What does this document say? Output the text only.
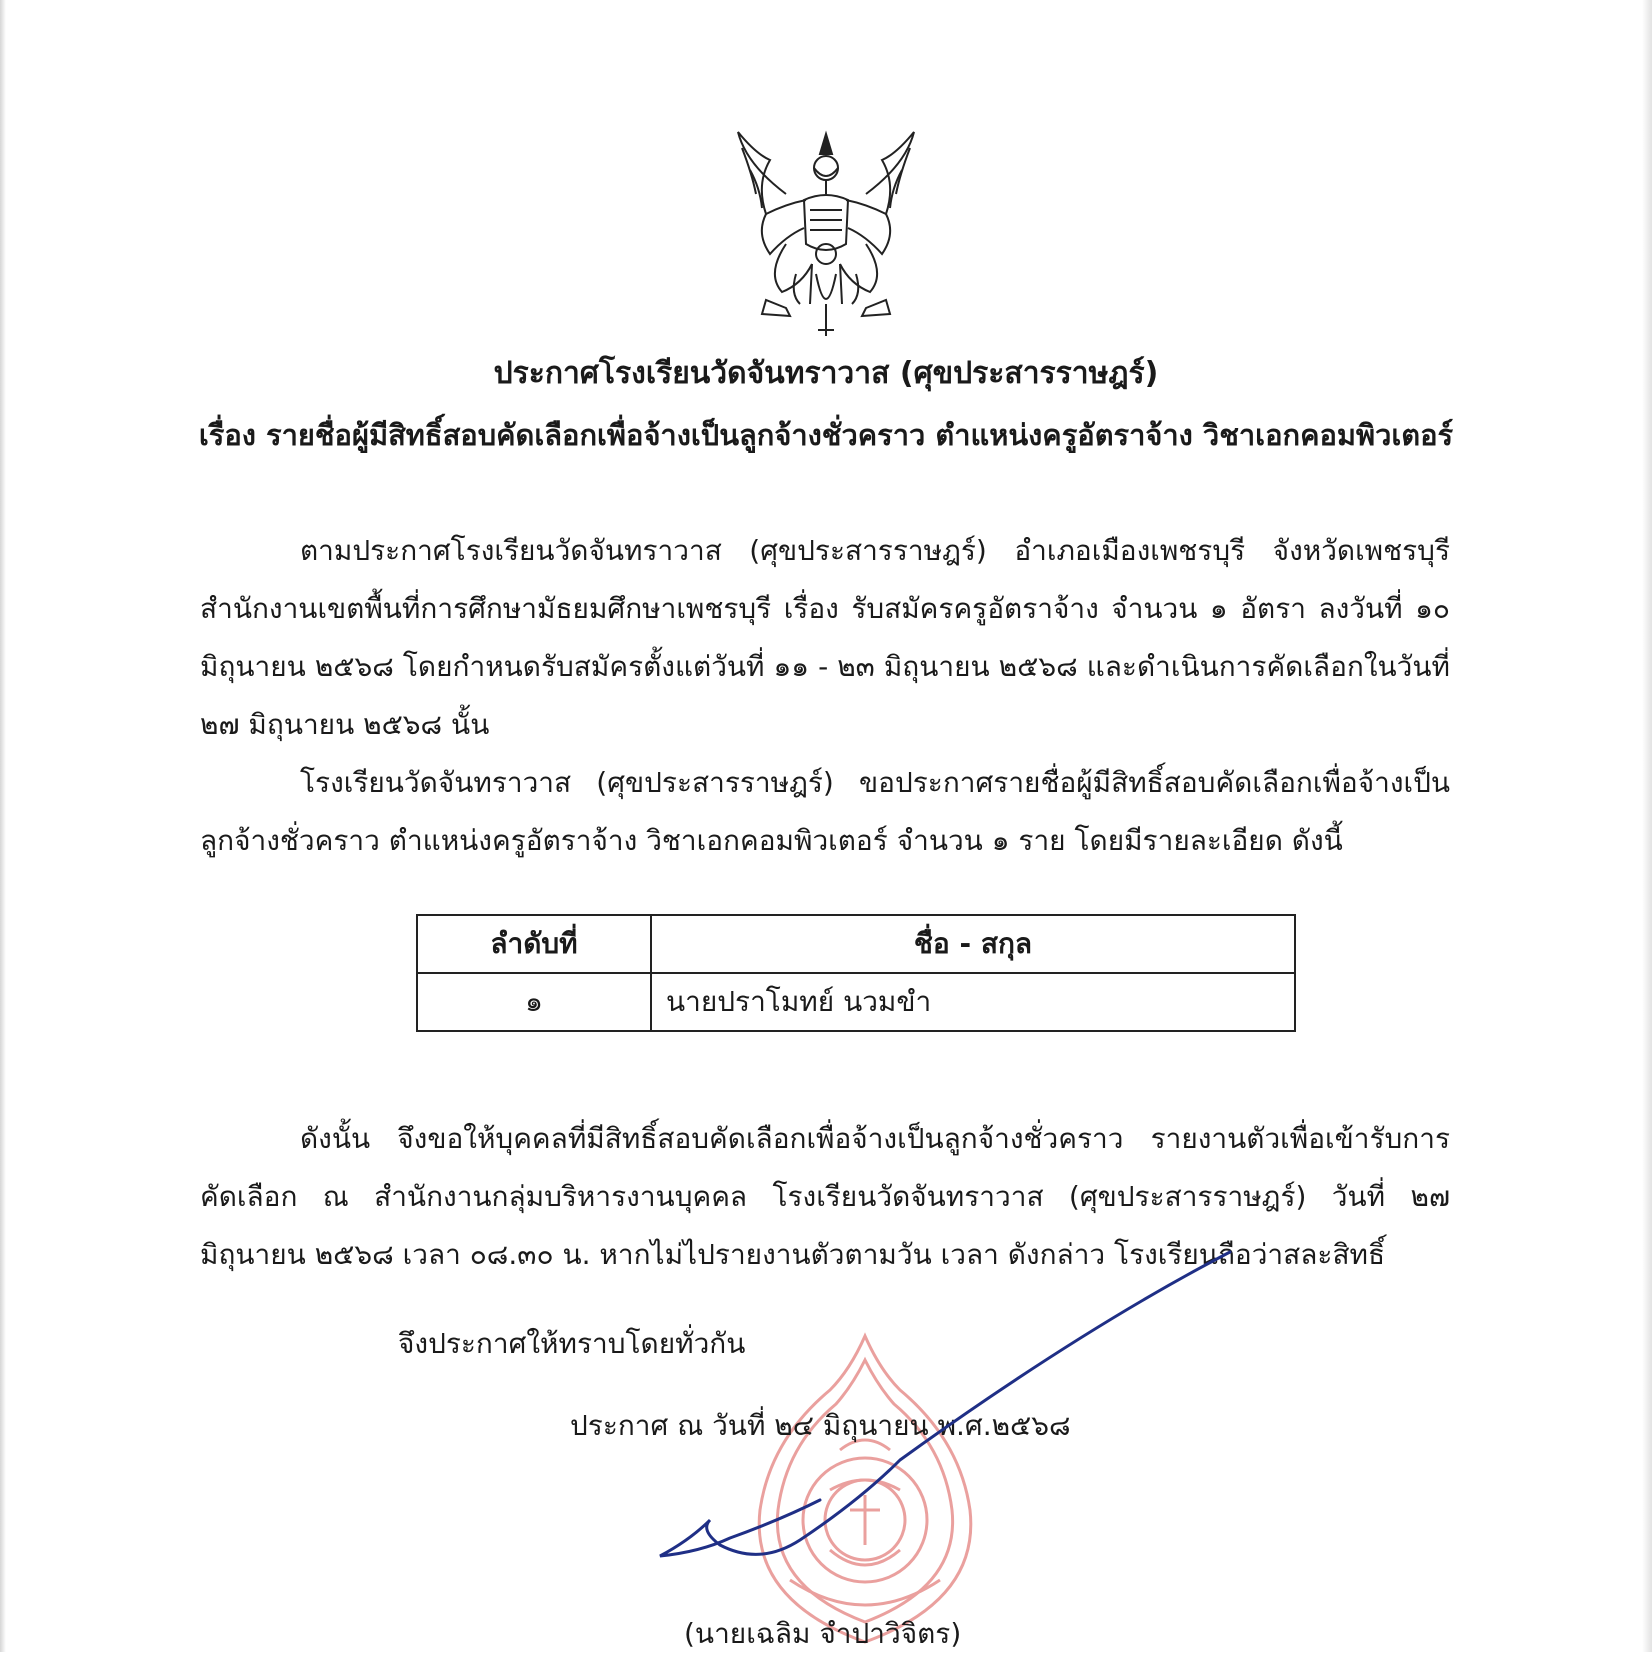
ประกาศโรงเรียนวัดจันทราวาส (ศุขประสารราษฎร์)
เรื่อง รายชื่อผู้มีสิทธิ์สอบคัดเลือกเพื่อจ้างเป็นลูกจ้างชั่วคราว ตำแหน่งครูอัตราจ้าง วิชาเอกคอมพิวเตอร์
ตามประกาศโรงเรียนวัดจันทราวาส (ศุขประสารราษฎร์) อำเภอเมืองเพชรบุรี จังหวัดเพชรบุรี สำนักงานเขตพื้นที่การศึกษามัธยมศึกษาเพชรบุรี เรื่อง รับสมัครครูอัตราจ้าง จำนวน ๑ อัตรา ลงวันที่ ๑๐ มิถุนายน ๒๕๖๘ โดยกำหนดรับสมัครตั้งแต่วันที่ ๑๑ - ๒๓ มิถุนายน ๒๕๖๘ และดำเนินการคัดเลือกในวันที่ ๒๗ มิถุนายน ๒๕๖๘ นั้น
โรงเรียนวัดจันทราวาส (ศุขประสารราษฎร์) ขอประกาศรายชื่อผู้มีสิทธิ์สอบคัดเลือกเพื่อจ้างเป็นลูกจ้างชั่วคราว ตำแหน่งครูอัตราจ้าง วิชาเอกคอมพิวเตอร์ จำนวน ๑ ราย โดยมีรายละเอียด ดังนี้
ลำดับที่	ชื่อ - สกุล
๑	นายปราโมทย์ นวมขำ
ดังนั้น จึงขอให้บุคคลที่มีสิทธิ์สอบคัดเลือกเพื่อจ้างเป็นลูกจ้างชั่วคราว รายงานตัวเพื่อเข้ารับการคัดเลือก ณ สำนักงานกลุ่มบริหารงานบุคคล โรงเรียนวัดจันทราวาส (ศุขประสารราษฎร์) วันที่ ๒๗ มิถุนายน ๒๕๖๘ เวลา ๐๘.๓๐ น. หากไม่ไปรายงานตัวตามวัน เวลา ดังกล่าว โรงเรียนถือว่าสละสิทธิ์
จึงประกาศให้ทราบโดยทั่วกัน
ประกาศ ณ วันที่ ๒๔ มิถุนายน พ.ศ.๒๕๖๘
(นายเฉลิม จำปาวิจิตร)
